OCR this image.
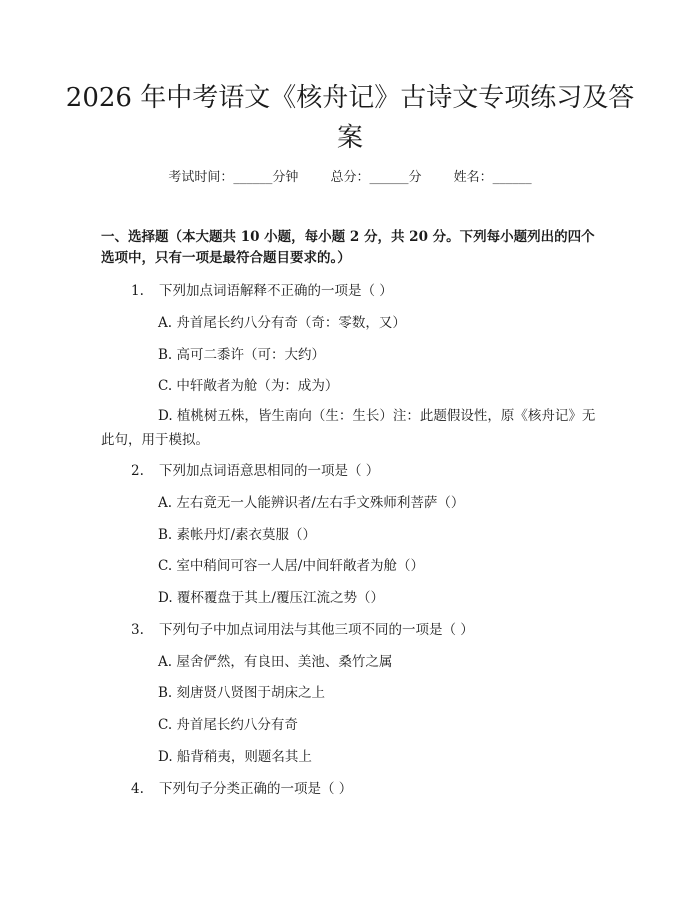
2026 年中考语文《核舟记》古诗文专项练习及答案
考试时间：______分钟 总分：______分 姓名：______

一、选择题（本大题共 10 小题，每小题 2 分，共 20 分。下列每小题列出的四个选项中，只有一项是最符合题目要求的。）

1. 下列加点词语解释不正确的一项是（ ）

A. 舟首尾长约八分有奇（奇：零数，又）

B. 高可二黍许（可：大约）

C. 中轩敞者为舱（为：成为）

D. 植桃树五株，皆生南向（生：生长）注：此题假设性，原《核舟记》无此句，用于模拟。

2. 下列加点词语意思相同的一项是（ ）

A. 左右竟无一人能辨识者/左右手文殊师利菩萨（）

B. 素帐丹灯/素衣莫服（）

C. 室中稍间可容一人居/中间轩敞者为舱（）

D. 覆杯覆盘于其上/覆压江流之势（）

3. 下列句子中加点词用法与其他三项不同的一项是（ ）

A. 屋舍俨然，有良田、美池、桑竹之属

B. 刻唐贤八贤图于胡床之上

C. 舟首尾长约八分有奇

D. 船背稍夷，则题名其上

4. 下列句子分类正确的一项是（ ）
